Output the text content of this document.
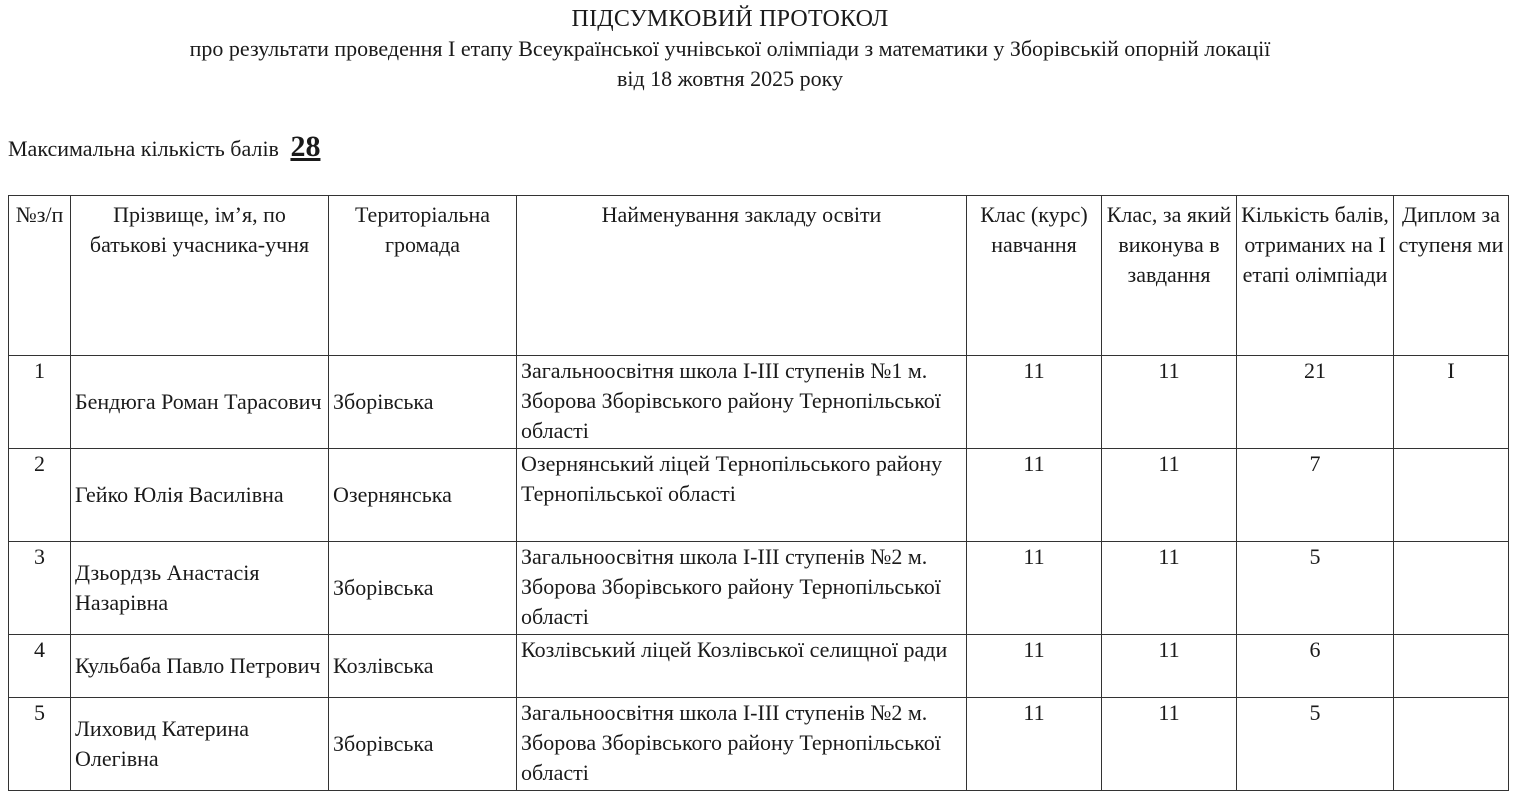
ПІДСУМКОВИЙ ПРОТОКОЛ
про результати проведення І етапу Всеукраїнської учнівської олімпіади з математики у Зборівській опорній локації
від 18 жовтня 2025 року
Максимальна кількість балів 28
№з/п	Прізвище, ім’я, по батькові учасника-учня	Територіальна громада	Найменування закладу освіти	Клас (курс) навчання	Клас, за який виконува в завдання	Кількість балів, отриманих на І етапі олімпіади	Диплом за ступеня ми
1	Бендюга Роман Тарасович	Зборівська	Загальноосвітня школа І-ІІІ ступенів №1 м. Зборова Зборівського району Тернопільської області	11	11	21	І
2	Гейко Юлія Василівна	Озернянська	Озернянський ліцей Тернопільського району Тернопільської області	11	11	7	
3	Дзьордзь Анастасія Назарівна	Зборівська	Загальноосвітня школа І-ІІІ ступенів №2 м. Зборова Зборівського району Тернопільської області	11	11	5	
4	Кульбаба Павло Петрович	Козлівська	Козлівський ліцей Козлівської селищної ради	11	11	6	
5	Лиховид Катерина Олегівна	Зборівська	Загальноосвітня школа І-ІІІ ступенів №2 м. Зборова Зборівського району Тернопільської області	11	11	5	
